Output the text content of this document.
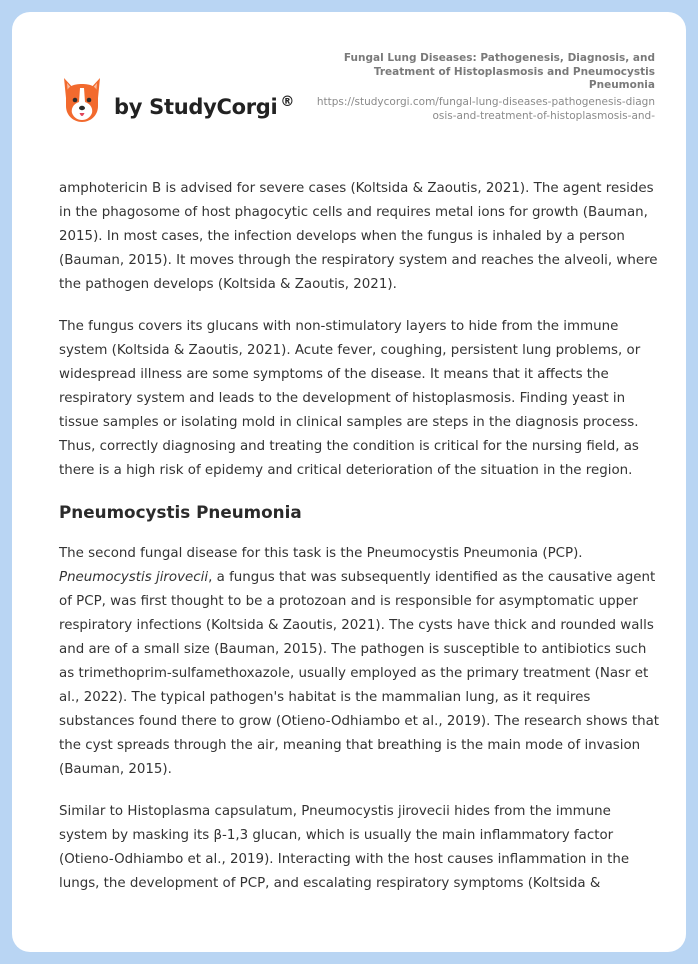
by StudyCorgi ®
Fungal Lung Diseases: Pathogenesis, Diagnosis, and Treatment of Histoplasmosis and Pneumocystis Pneumonia
https://studycorgi.com/fungal-lung-diseases-pathogenesis-diagnosis-and-treatment-of-histoplasmosis-and-

amphotericin B is advised for severe cases (Koltsida & Zaoutis, 2021). The agent resides in the phagosome of host phagocytic cells and requires metal ions for growth (Bauman, 2015). In most cases, the infection develops when the fungus is inhaled by a person (Bauman, 2015). It moves through the respiratory system and reaches the alveoli, where the pathogen develops (Koltsida & Zaoutis, 2021).

The fungus covers its glucans with non-stimulatory layers to hide from the immune system (Koltsida & Zaoutis, 2021). Acute fever, coughing, persistent lung problems, or widespread illness are some symptoms of the disease. It means that it affects the respiratory system and leads to the development of histoplasmosis. Finding yeast in tissue samples or isolating mold in clinical samples are steps in the diagnosis process. Thus, correctly diagnosing and treating the condition is critical for the nursing field, as there is a high risk of epidemy and critical deterioration of the situation in the region.

Pneumocystis Pneumonia

The second fungal disease for this task is the Pneumocystis Pneumonia (PCP). Pneumocystis jirovecii, a fungus that was subsequently identified as the causative agent of PCP, was first thought to be a protozoan and is responsible for asymptomatic upper respiratory infections (Koltsida & Zaoutis, 2021). The cysts have thick and rounded walls and are of a small size (Bauman, 2015). The pathogen is susceptible to antibiotics such as trimethoprim-sulfamethoxazole, usually employed as the primary treatment (Nasr et al., 2022). The typical pathogen's habitat is the mammalian lung, as it requires substances found there to grow (Otieno-Odhiambo et al., 2019). The research shows that the cyst spreads through the air, meaning that breathing is the main mode of invasion (Bauman, 2015).

Similar to Histoplasma capsulatum, Pneumocystis jirovecii hides from the immune system by masking its β-1,3 glucan, which is usually the main inflammatory factor (Otieno-Odhiambo et al., 2019). Interacting with the host causes inflammation in the lungs, the development of PCP, and escalating respiratory symptoms (Koltsida &
